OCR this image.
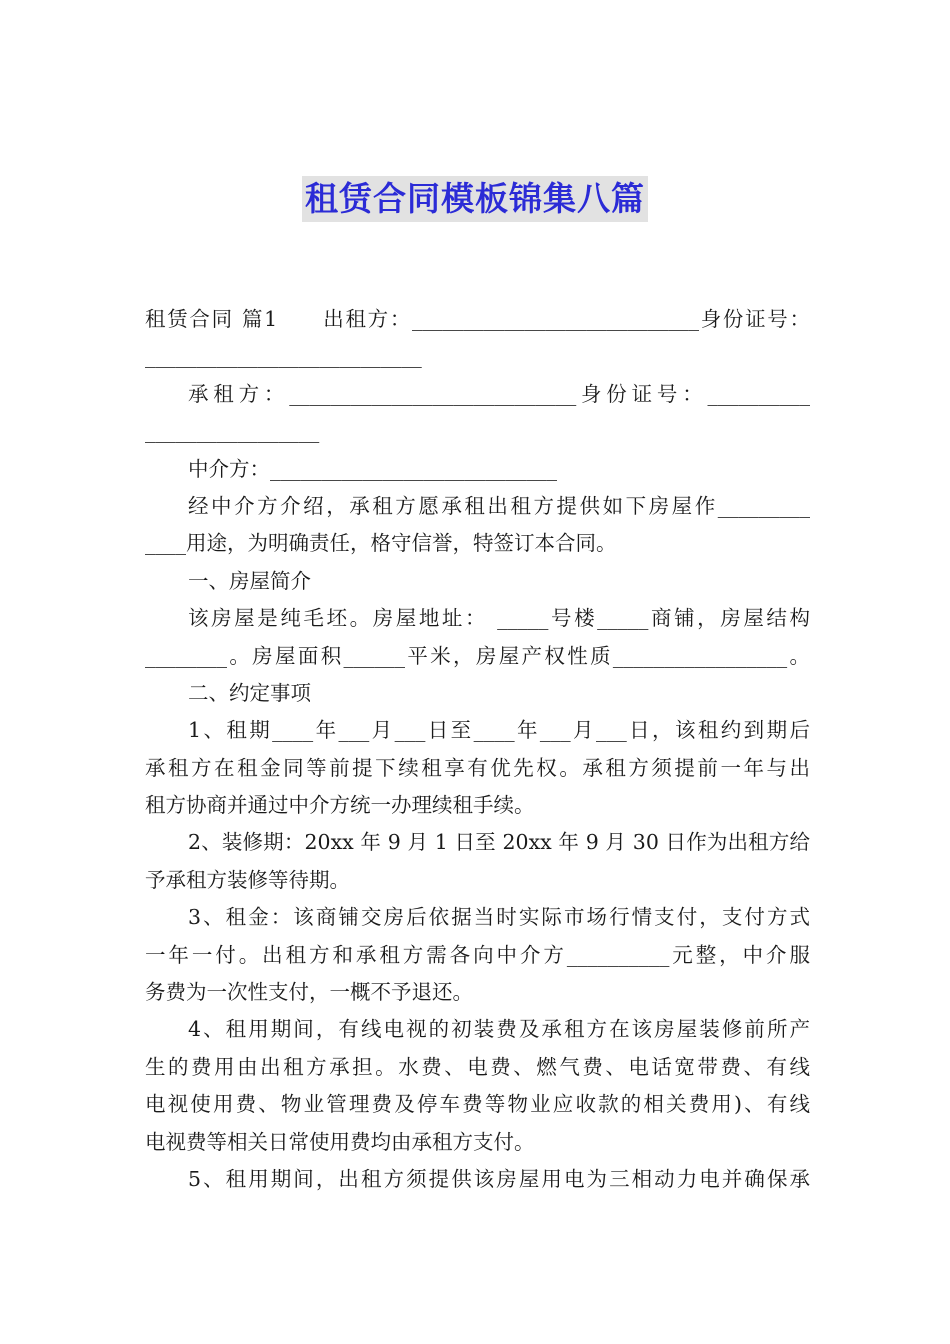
租赁合同模板锦集八篇
租赁合同 篇1　　出租方：____________________________身份证号：
___________________________
承租方：____________________________身份证号：__________
_________________
中介方：____________________________
经中介方介绍，承租方愿承租出租方提供如下房屋作_________
____用途，为明确责任，格守信誉，特签订本合同。
一、房屋简介
该房屋是纯毛坯。房屋地址： _____号楼_____商铺，房屋结构
________。房屋面积______平米，房屋产权性质_________________。
二、约定事项
1、租期____年___月___日至____年___月___日，该租约到期后
承租方在租金同等前提下续租享有优先权。承租方须提前一年与出
租方协商并通过中介方统一办理续租手续。
2、装修期：20xx 年 9 月 1 日至 20xx 年 9 月 30 日作为出租方给
予承租方装修等待期。
3、租金：该商铺交房后依据当时实际市场行情支付，支付方式
一年一付。出租方和承租方需各向中介方__________元整，中介服
务费为一次性支付，一概不予退还。
4、租用期间，有线电视的初装费及承租方在该房屋装修前所产
生的费用由出租方承担。水费、电费、燃气费、电话宽带费、有线
电视使用费、物业管理费及停车费等物业应收款的相关费用)、有线
电视费等相关日常使用费均由承租方支付。
5、租用期间，出租方须提供该房屋用电为三相动力电并确保承
